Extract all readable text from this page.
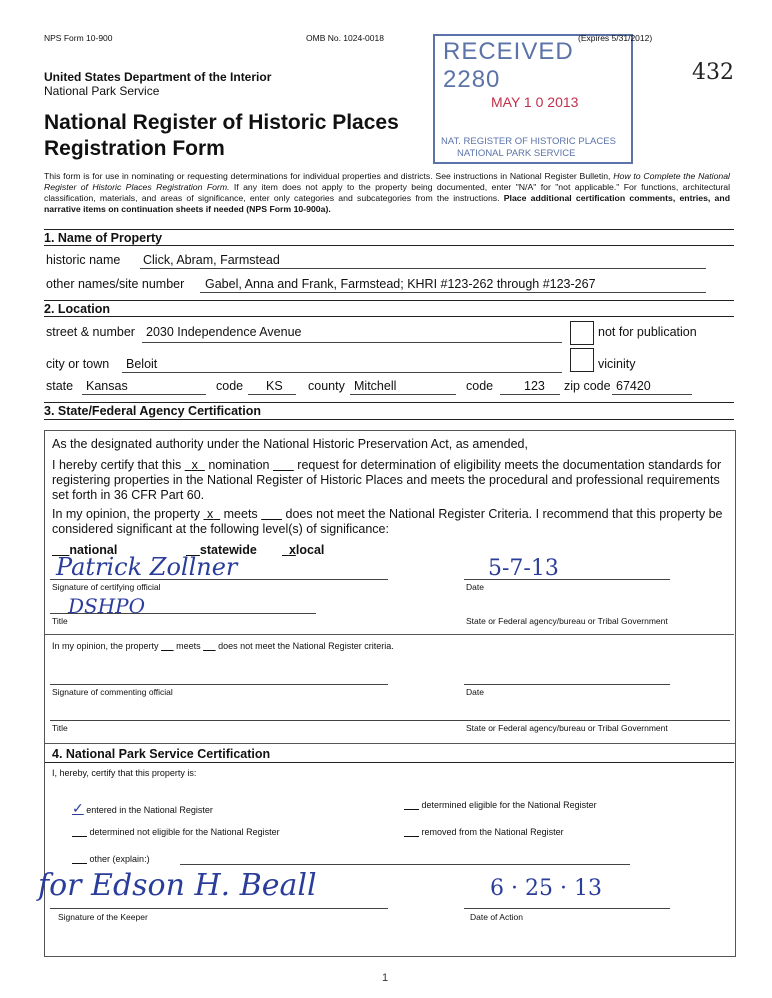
NPS Form 10-900	OMB No. 1024-0018	(Expires 5/31/2012)
432
United States Department of the Interior
National Park Service
National Register of Historic Places
Registration Form
RECEIVED 2280
MAY 1 0 2013
NAT. REGISTER OF HISTORIC PLACES
NATIONAL PARK SERVICE
This form is for use in nominating or requesting determinations for individual properties and districts. See instructions in National Register Bulletin, How to Complete the National Register of Historic Places Registration Form. If any item does not apply to the property being documented, enter "N/A" for "not applicable." For functions, architectural classification, materials, and areas of significance, enter only categories and subcategories from the instructions. Place additional certification comments, entries, and narrative items on continuation sheets if needed (NPS Form 10-900a).
1. Name of Property
historic name Click, Abram, Farmstead
other names/site number Gabel, Anna and Frank, Farmstead; KHRI #123-262 through #123-267
2. Location
street & number 2030 Independence Avenue	not for publication
city or town Beloit	vicinity
state Kansas	code KS county Mitchell	code 123 zip code 67420
3. State/Federal Agency Certification
As the designated authority under the National Historic Preservation Act, as amended,
I hereby certify that this   x   nomination        request for determination of eligibility meets the documentation standards for registering properties in the National Register of Historic Places and meets the procedural and professional requirements set forth in 36 CFR Part 60.
In my opinion, the property  x   meets        does not meet the National Register Criteria. I recommend that this property be considered significant at the following level(s) of significance:
national	statewide	xlocal
Patrick Zollner
Signature of certifying official
5-7-13
Date
DSHPO
Title	State or Federal agency/bureau or Tribal Government
In my opinion, the property       meets       does not meet the National Register criteria.
Signature of commenting official	Date
Title	State or Federal agency/bureau or Tribal Government
4. National Park Service Certification
I, hereby, certify that this property is:
✓ entered in the National Register	determined eligible for the National Register
determined not eligible for the National Register	removed from the National Register
other (explain:)
for Edson H. Beall
Signature of the Keeper
6 · 25 · 13
Date of Action
1
